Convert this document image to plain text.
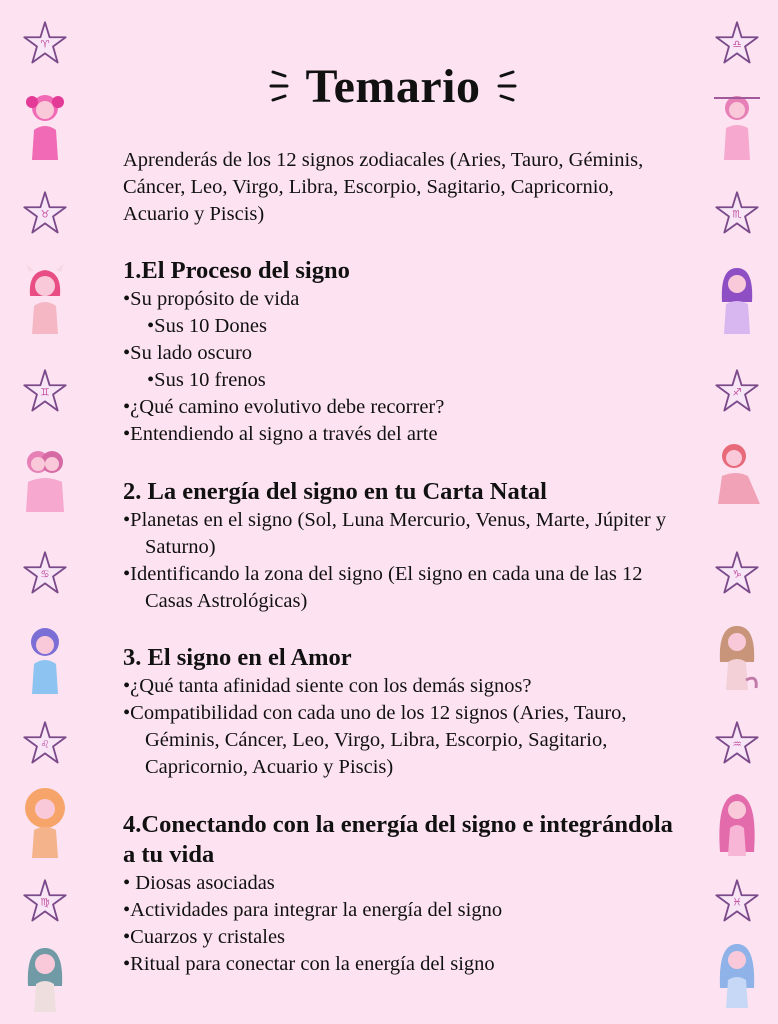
♈
♉
♊
♋
♌
♍
♎
♏
♐
♑
♒
♓
Temario
Aprenderás de los 12 signos zodiacales (Aries, Tauro, Géminis, Cáncer, Leo, Virgo, Libra, Escorpio, Sagitario, Capricornio, Acuario y Piscis)
1.El Proceso del signo
•Su propósito de vida
•Sus 10 Dones
•Su lado oscuro
•Sus 10 frenos
•¿Qué camino evolutivo debe recorrer?
•Entendiendo al signo a través del arte
2. La energía del signo en tu Carta Natal
•Planetas en el signo (Sol, Luna Mercurio, Venus, Marte, Júpiter y Saturno)
•Identificando la zona del signo (El signo en cada una de las 12 Casas Astrológicas)
3. El signo en el Amor
•¿Qué tanta afinidad siente con los demás signos?
•Compatibilidad con cada uno de los 12 signos (Aries, Tauro, Géminis, Cáncer, Leo, Virgo, Libra, Escorpio, Sagitario, Capricornio, Acuario y Piscis)
4.Conectando con la energía del signo e integrándola a tu vida
• Diosas asociadas
•Actividades para integrar la energía del signo
•Cuarzos y cristales
•Ritual para conectar con la energía del signo
